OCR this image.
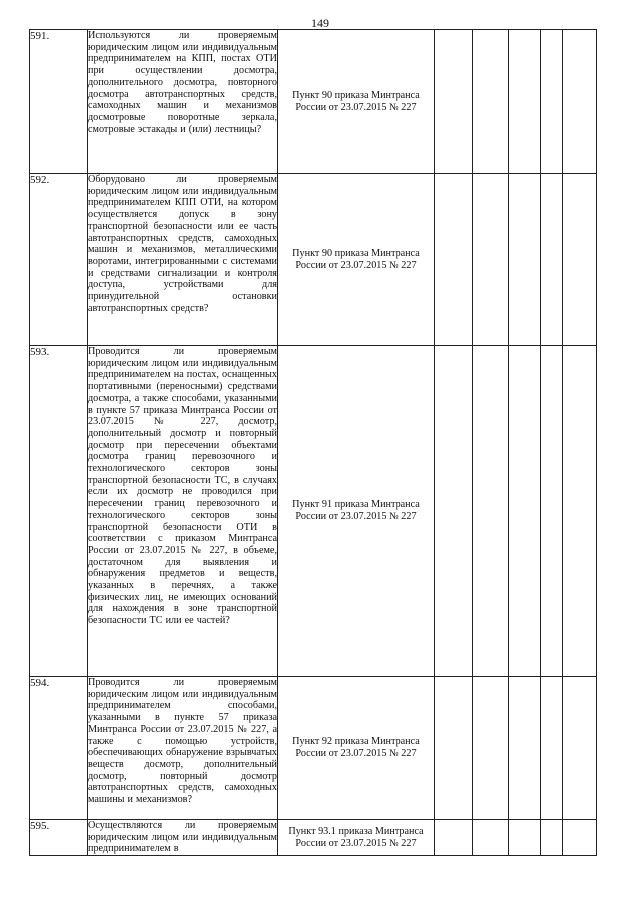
149
591.	Используются ли проверяемым юридическим лицом или индивидуальным предпринимателем на КПП, постах ОТИ при осуществлении досмотра, дополнительного досмотра, повторного досмотра автотранспортных средств, самоходных машин и механизмов досмотровые поворотные зеркала, смотровые эстакады и (или) лестницы?	Пункт 90 приказа Минтранса России от 23.07.2015 № 227					
592.	Оборудовано ли проверяемым юридическим лицом или индивидуальным предпринимателем КПП ОТИ, на котором осуществляется допуск в зону транспортной безопасности или ее часть автотранспортных средств, самоходных машин и механизмов, металлическими воротами, интегрированными с системами и средствами сигнализации и контроля доступа, устройствами для принудительной остановки автотранспортных средств?	Пункт 90 приказа Минтранса России от 23.07.2015 № 227					
593.	Проводится ли проверяемым юридическим лицом или индивидуальным предпринимателем на постах, оснащенных портативными (переносными) средствами досмотра, а также способами, указанными в пункте 57 приказа Минтранса России от 23.07.2015 № 227, досмотр, дополнительный досмотр и повторный досмотр при пересечении объектами досмотра границ перевозочного и технологического секторов зоны транспортной безопасности ТС, в случаях если их досмотр не проводился при пересечении границ перевозочного и технологического секторов зоны транспортной безопасности ОТИ в соответствии с приказом Минтранса России от 23.07.2015 № 227, в объеме, достаточном для выявления и обнаружения предметов и веществ, указанных в перечнях, а также физических лиц, не имеющих оснований для нахождения в зоне транспортной безопасности ТС или ее частей?	Пункт 91 приказа Минтранса России от 23.07.2015 № 227					
594.	Проводится ли проверяемым юридическим лицом или индивидуальным предпринимателем способами, указанными в пункте 57 приказа Минтранса России от 23.07.2015 № 227, а также с помощью устройств, обеспечивающих обнаружение взрывчатых веществ досмотр, дополнительный досмотр, повторный досмотр автотранспортных средств, самоходных машины и механизмов?	Пункт 92 приказа Минтранса России от 23.07.2015 № 227					
595.	Осуществляются ли проверяемым юридическим лицом или индивидуальным предпринимателем в	Пункт 93.1 приказа Минтранса России от 23.07.2015 № 227					
